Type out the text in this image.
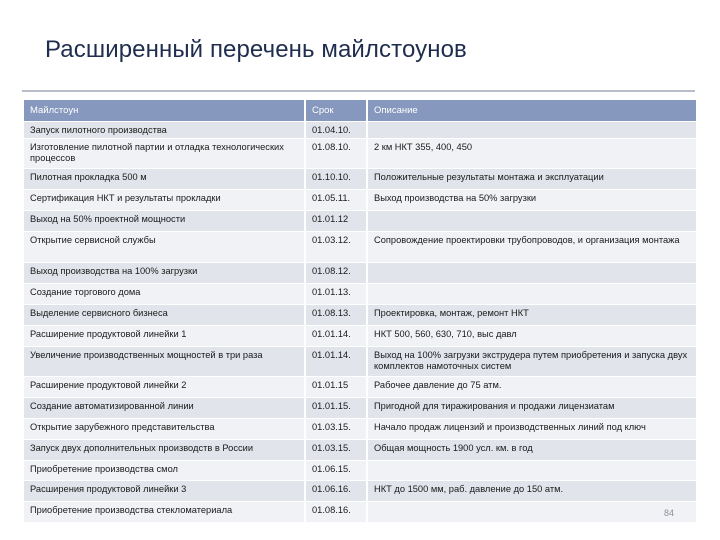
Расширенный перечень майлстоунов
Майлстоун	Срок	Описание
Запуск пилотного производства	01.04.10.	
Изготовление пилотной партии и отладка технологических процессов	01.08.10.	2 км НКТ 355, 400, 450
Пилотная прокладка 500 м	01.10.10.	Положительные результаты монтажа и эксплуатации
Сертификация НКТ и результаты прокладки	01.05.11.	Выход производства на 50% загрузки
Выход на 50% проектной мощности	01.01.12	
Открытие сервисной службы	01.03.12.	Сопровождение проектировки трубопроводов, и организация монтажа
Выход производства на 100% загрузки	01.08.12.	
Создание торгового дома	01.01.13.	
Выделение сервисного бизнеса	01.08.13.	Проектировка, монтаж, ремонт НКТ
Расширение продуктовой линейки 1	01.01.14.	НКТ 500, 560, 630, 710, выс давл
Увеличение производственных мощностей в три раза	01.01.14.	Выход на 100% загрузки экструдера путем приобретения и запуска двух комплектов намоточных систем
Расширение продуктовой линейки 2	01.01.15	Рабочее давление до 75 атм.
Создание автоматизированной линии	01.01.15.	Пригодной для тиражирования и продажи лицензиатам
Открытие зарубежного представительства	01.03.15.	Начало продаж лицензий и производственных линий под ключ
Запуск двух дополнительных производств в России	01.03.15.	Общая мощность 1900 усл. км. в год
Приобретение производства смол	01.06.15.	
Расширения продуктовой линейки 3	01.06.16.	НКТ до 1500 мм, раб. давление до 150 атм.
Приобретение производства стекломатериала	01.08.16.		84
